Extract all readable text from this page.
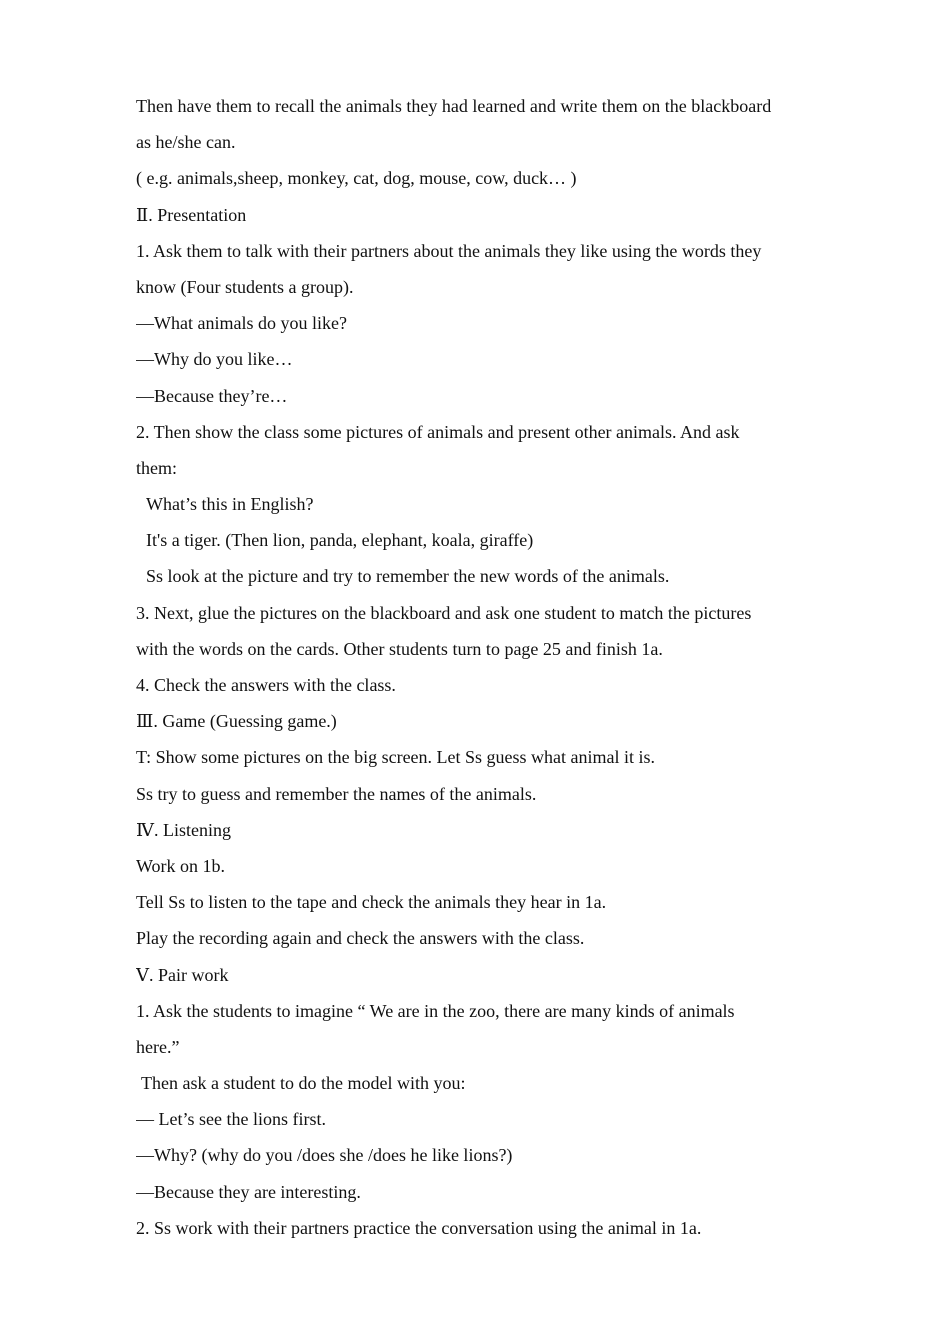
Then have them to recall the animals they had learned and write them on the blackboard
as he/she can.
( e.g. animals,sheep, monkey, cat, dog, mouse, cow, duck… )
Ⅱ. Presentation
1. Ask them to talk with their partners about the animals they like using the words they
know (Four students a group).
—What animals do you like?
—Why do you like…
—Because they’re…
2. Then show the class some pictures of animals and present other animals. And ask
them:
What’s this in English?
It's a tiger. (Then lion, panda, elephant, koala, giraffe)
Ss look at the picture and try to remember the new words of the animals.
3. Next, glue the pictures on the blackboard and ask one student to match the pictures
with the words on the cards. Other students turn to page 25 and finish 1a.
4. Check the answers with the class.
Ⅲ. Game (Guessing game.)
T: Show some pictures on the big screen. Let Ss guess what animal it is.
Ss try to guess and remember the names of the animals.
Ⅳ. Listening
Work on 1b.
Tell Ss to listen to the tape and check the animals they hear in 1a.
Play the recording again and check the answers with the class.
Ⅴ. Pair work
1. Ask the students to imagine “ We are in the zoo, there are many kinds of animals
here.”
Then ask a student to do the model with you:
— Let’s see the lions first.
—Why? (why do you /does she /does he like lions?)
—Because they are interesting.
2. Ss work with their partners practice the conversation using the animal in 1a.
